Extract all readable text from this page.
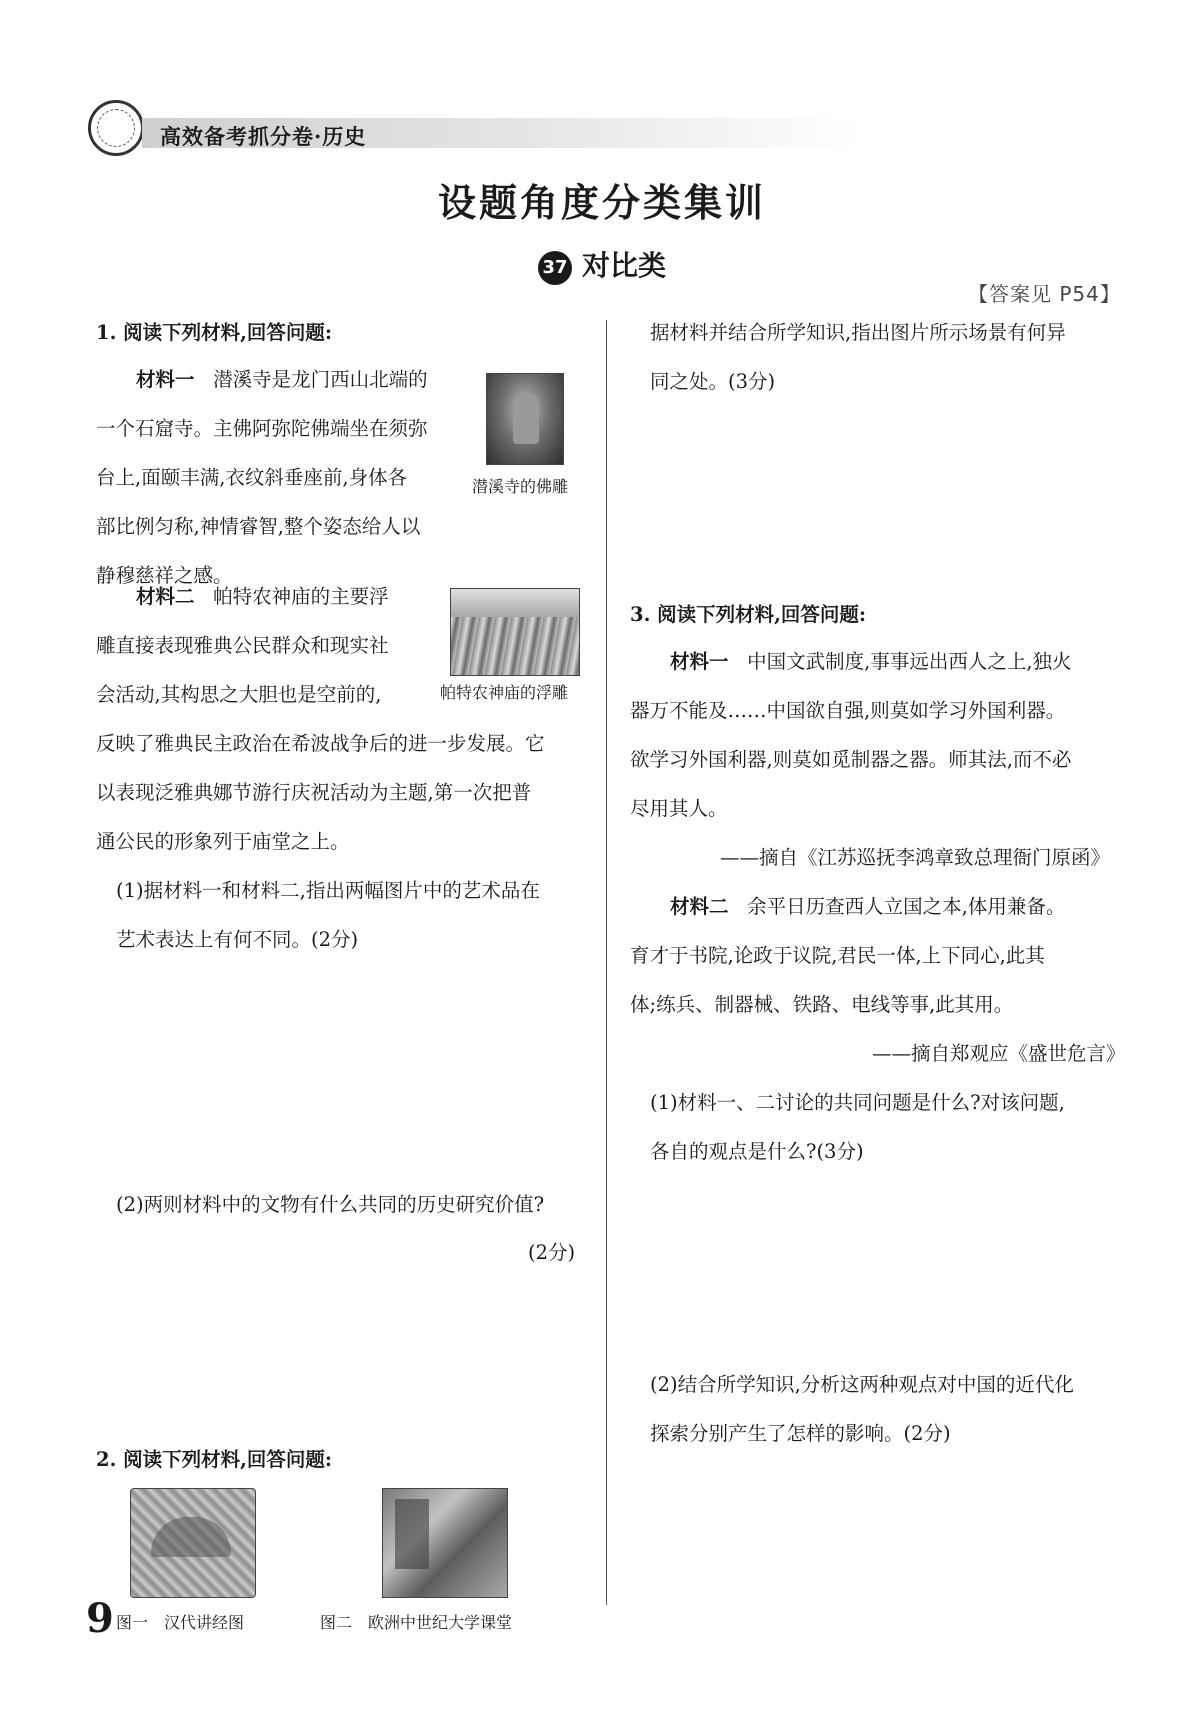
高效备考抓分卷·历史
设题角度分类集训
37 对比类
【答案见 P54】
1. 阅读下列材料,回答问题:
材料一 潜溪寺是龙门西山北端的
一个石窟寺。主佛阿弥陀佛端坐在须弥
台上,面颐丰满,衣纹斜垂座前,身体各
部比例匀称,神情睿智,整个姿态给人以
静穆慈祥之感。
潜溪寺的佛雕
材料二 帕特农神庙的主要浮
雕直接表现雅典公民群众和现实社
会活动,其构思之大胆也是空前的,
反映了雅典民主政治在希波战争后的进一步发展。它
以表现泛雅典娜节游行庆祝活动为主题,第一次把普
通公民的形象列于庙堂之上。
帕特农神庙的浮雕
(1)据材料一和材料二,指出两幅图片中的艺术品在
艺术表达上有何不同。(2分)
(2)两则材料中的文物有什么共同的历史研究价值?
(2分)
2. 阅读下列材料,回答问题:
图一　汉代讲经图	图二　欧洲中世纪大学课堂
9
据材料并结合所学知识,指出图片所示场景有何异
同之处。(3分)
3. 阅读下列材料,回答问题:
材料一 中国文武制度,事事远出西人之上,独火
器万不能及……中国欲自强,则莫如学习外国利器。
欲学习外国利器,则莫如觅制器之器。师其法,而不必
尽用其人。
——摘自《江苏巡抚李鸿章致总理衙门原函》
材料二 余平日历查西人立国之本,体用兼备。
育才于书院,论政于议院,君民一体,上下同心,此其
体;练兵、制器械、铁路、电线等事,此其用。
——摘自郑观应《盛世危言》
(1)材料一、二讨论的共同问题是什么?对该问题,
各自的观点是什么?(3分)
(2)结合所学知识,分析这两种观点对中国的近代化
探索分别产生了怎样的影响。(2分)
